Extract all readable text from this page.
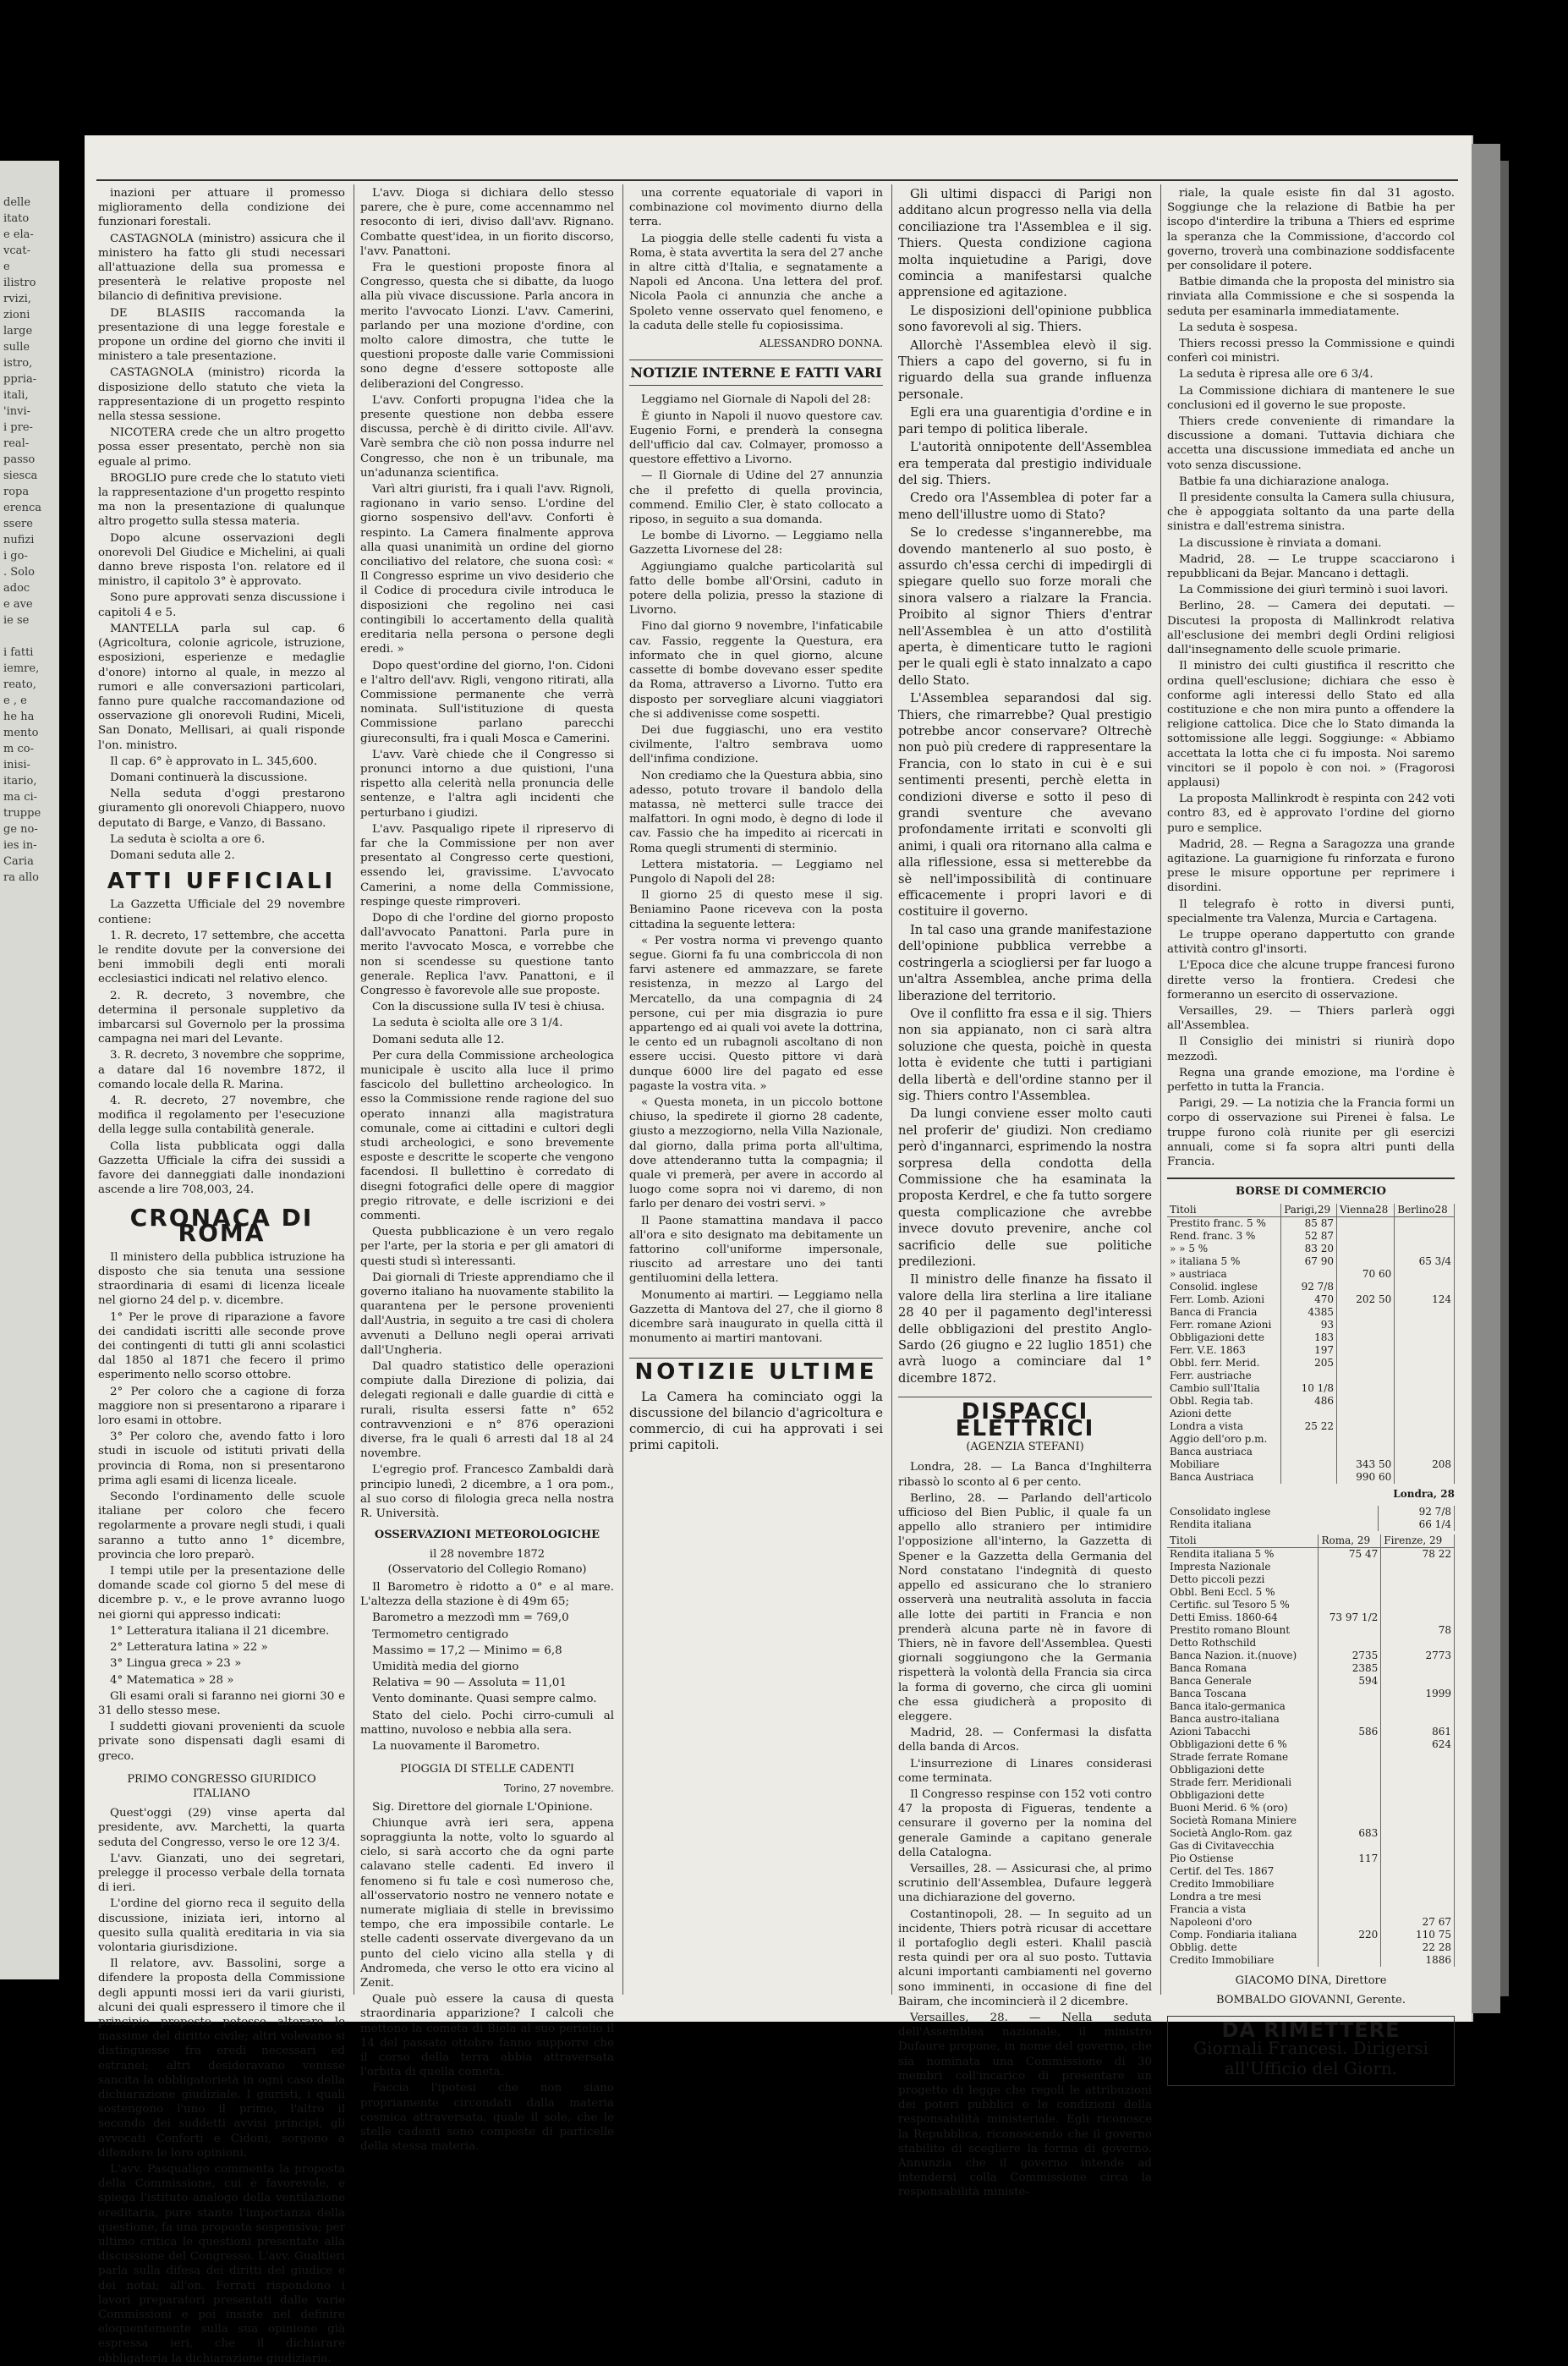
delle
itato
e ela-
vcat-
e
ilistro
rvizi,
zioni
large
sulle
istro,
ppria-
itali,
'invi-
i pre-
real-
passo
siesca
ropa
erenca
ssere
nufizi
i go-
. Solo
adoc
e ave
ie se
i fatti
iemre,
reato,
e , e
he ha
mento
m co-
inisi-
itario,
ma ci-
truppe
ge no-
ies in-
Caria
ra allo

inazioni per attuare il promesso miglioramento della condizione dei funzionari forestali.

CASTAGNOLA (ministro) assicura che il ministero ha fatto gli studi necessari all'attuazione della sua promessa e presenterà le relative proposte nel bilancio di definitiva previsione.

DE BLASIIS raccomanda la presentazione di una legge forestale e propone un ordine del giorno che inviti il ministero a tale presentazione.

CASTAGNOLA (ministro) ricorda la disposizione dello statuto che vieta la rappresentazione di un progetto respinto nella stessa sessione.

NICOTERA crede che un altro progetto possa esser presentato, perchè non sia eguale al primo.

BROGLIO pure crede che lo statuto vieti la rappresentazione d'un progetto respinto ma non la presentazione di qualunque altro progetto sulla stessa materia.

Dopo alcune osservazioni degli onorevoli Del Giudice e Michelini, ai quali danno breve risposta l'on. relatore ed il ministro, il capitolo 3° è approvato.

Sono pure approvati senza discussione i capitoli 4 e 5.

MANTELLA parla sul cap. 6 (Agricoltura, colonie agricole, istruzione, esposizioni, esperienze e medaglie d'onore) intorno al quale, in mezzo al rumori e alle conversazioni particolari, fanno pure qualche raccomandazione od osservazione gli onorevoli Rudini, Miceli, San Donato, Mellisari, ai quali risponde l'on. ministro.

Il cap. 6° è approvato in L. 345,600.

Domani continuerà la discussione.

Nella seduta d'oggi prestarono giuramento gli onorevoli Chiappero, nuovo deputato di Barge, e Vanzo, di Bassano.

La seduta è sciolta a ore 6.

Domani seduta alle 2.

ATTI UFFICIALI

La Gazzetta Ufficiale del 29 novembre contiene:

1. R. decreto, 17 settembre, che accetta le rendite dovute per la conversione dei beni immobili degli enti morali ecclesiastici indicati nel relativo elenco.

2. R. decreto, 3 novembre, che determina il personale suppletivo da imbarcarsi sul Governolo per la prossima campagna nei mari del Levante.

3. R. decreto, 3 novembre che sopprime, a datare dal 16 novembre 1872, il comando locale della R. Marina.

4. R. decreto, 27 novembre, che modifica il regolamento per l'esecuzione della legge sulla contabilità generale.

Colla lista pubblicata oggi dalla Gazzetta Ufficiale la cifra dei sussidi a favore dei danneggiati dalle inondazioni ascende a lire 708,003, 24.

CRONACA DI ROMA

Il ministero della pubblica istruzione ha disposto che sia tenuta una sessione straordinaria di esami di licenza liceale nel giorno 24 del p. v. dicembre.

1° Per le prove di riparazione a favore dei candidati iscritti alle seconde prove dei contingenti di tutti gli anni scolastici dal 1850 al 1871 che fecero il primo esperimento nello scorso ottobre.

2° Per coloro che a cagione di forza maggiore non si presentarono a riparare i loro esami in ottobre.

3° Per coloro che, avendo fatto i loro studi in iscuole od istituti privati della provincia di Roma, non si presentarono prima agli esami di licenza liceale.

Secondo l'ordinamento delle scuole italiane per coloro che fecero regolarmente a provare negli studi, i quali saranno a tutto anno 1° dicembre, provincia che loro preparò.

I tempi utile per la presentazione delle domande scade col giorno 5 del mese di dicembre p. v., e le prove avranno luogo nei giorni qui appresso indicati:

1° Letteratura italiana il 21 dicembre.

2° Letteratura latina » 22 »

3° Lingua greca » 23 »

4° Matematica » 28 »

Gli esami orali si faranno nei giorni 30 e 31 dello stesso mese.

I suddetti giovani provenienti da scuole private sono dispensati dagli esami di greco.

PRIMO CONGRESSO GIURIDICO ITALIANO

Quest'oggi (29) vinse aperta dal presidente, avv. Marchetti, la quarta seduta del Congresso, verso le ore 12 3/4.

L'avv. Gianzati, uno dei segretari, prelegge il processo verbale della tornata di ieri.

L'ordine del giorno reca il seguito della discussione, iniziata ieri, intorno al quesito sulla qualità ereditaria in via sia volontaria giurisdizione.

Il relatore, avv. Bassolini, sorge a difendere la proposta della Commissione degli appunti mossi ieri da varii giuristi, alcuni dei quali espressero il timore che il principio proposto potesse alterare le massime del diritto civile; altri volevano si distinguesse fra eredi necessari ed estranei; altri desideravano venisse sancita la obbligatorietà in ogni caso della dichiarazione giudiziale. I giuristi, i quali sostengono l'uno il primo, l'altro il secondo dei suddetti avvisi principi, gli avvocati Conforti e Cidoni, sorgono a difendere le loro opinioni.

L'avv. Pasqualigo commenta la proposta della Commissione, cui è favorevole, e spiega l'istituto analogo della ventilazione ereditaria, pure stante l'importanza della questione, fa una proposta sospensiva; per ultimo critica le questioni presentate alla discussione del Congresso. L'avv. Gualtieri parla sulla difesa dei diritti del giudice e dei notai; all'on. Ferrati rispondono i lavori preparatori presentati dalle varie Commissioni e poi insiste nel definire eloquentemente sulla sua opinione già espressa ieri, che il dichiarare obbligatoria la dichiarazione giudiziaria.

L'avv. Dioga si dichiara dello stesso parere, che è pure, come accennammo nel resoconto di ieri, diviso dall'avv. Rignano. Combatte quest'idea, in un fiorito discorso, l'avv. Panattoni.

Fra le questioni proposte finora al Congresso, questa che si dibatte, da luogo alla più vivace discussione. Parla ancora in merito l'avvocato Lionzi. L'avv. Camerini, parlando per una mozione d'ordine, con molto calore dimostra, che tutte le questioni proposte dalle varie Commissioni sono degne d'essere sottoposte alle deliberazioni del Congresso.

L'avv. Conforti propugna l'idea che la presente questione non debba essere discussa, perchè è di diritto civile. All'avv. Varè sembra che ciò non possa indurre nel Congresso, che non è un tribunale, ma un'adunanza scientifica.

Varì altri giuristi, fra i quali l'avv. Rignoli, ragionano in vario senso. L'ordine del giorno sospensivo dell'avv. Conforti è respinto. La Camera finalmente approva alla quasi unanimità un ordine del giorno conciliativo del relatore, che suona così: « Il Congresso esprime un vivo desiderio che il Codice di procedura civile introduca le disposizioni che regolino nei casi contingibili lo accertamento della qualità ereditaria nella persona o persone degli eredi. »

Dopo quest'ordine del giorno, l'on. Cidoni e l'altro dell'avv. Rigli, vengono ritirati, alla Commissione permanente che verrà nominata. Sull'istituzione di questa Commissione parlano parecchi giureconsulti, fra i quali Mosca e Camerini.

L'avv. Varè chiede che il Congresso si pronunci intorno a due quistioni, l'una rispetto alla celerità nella pronuncia delle sentenze, e l'altra agli incidenti che perturbano i giudizi.

L'avv. Pasqualigo ripete il ripreservo di far che la Commissione per non aver presentato al Congresso certe questioni, essendo lei, gravissime. L'avvocato Camerini, a nome della Commissione, respinge queste rimproveri.

Dopo di che l'ordine del giorno proposto dall'avvocato Panattoni. Parla pure in merito l'avvocato Mosca, e vorrebbe che non si scendesse su questione tanto generale. Replica l'avv. Panattoni, e il Congresso è favorevole alle sue proposte.

Con la discussione sulla IV tesi è chiusa.

La seduta è sciolta alle ore 3 1/4.

Domani seduta alle 12.

Per cura della Commissione archeologica municipale è uscito alla luce il primo fascicolo del bullettino archeologico. In esso la Commissione rende ragione del suo operato innanzi alla magistratura comunale, come ai cittadini e cultori degli studi archeologici, e sono brevemente esposte e descritte le scoperte che vengono facendosi. Il bullettino è corredato di disegni fotografici delle opere di maggior pregio ritrovate, e delle iscrizioni e dei commenti.

Questa pubblicazione è un vero regalo per l'arte, per la storia e per gli amatori di questi studi sì interessanti.

Dai giornali di Trieste apprendiamo che il governo italiano ha nuovamente stabilito la quarantena per le persone provenienti dall'Austria, in seguito a tre casi di cholera avvenuti a Delluno negli operai arrivati dall'Ungheria.

Dal quadro statistico delle operazioni compiute dalla Direzione di polizia, dai delegati regionali e dalle guardie di città e rurali, risulta essersi fatte n° 652 contravvenzioni e n° 876 operazioni diverse, fra le quali 6 arresti dal 18 al 24 novembre.

L'egregio prof. Francesco Zambaldi darà principio lunedì, 2 dicembre, a 1 ora pom., al suo corso di filologia greca nella nostra R. Università.

OSSERVAZIONI METEOROLOGICHE
il 28 novembre 1872
(Osservatorio del Collegio Romano)

Il Barometro è ridotto a 0° e al mare. L'altezza della stazione è di 49m 65;

Barometro a mezzodì mm = 769,0

Termometro centigrado

Massimo = 17,2 — Minimo = 6,8

Umidità media del giorno

Relativa = 90 — Assoluta = 11,01

Vento dominante. Quasi sempre calmo.

Stato del cielo. Pochi cirro-cumuli al mattino, nuvoloso e nebbia alla sera.

La nuovamente il Barometro.

PIOGGIA DI STELLE CADENTI
Torino, 27 novembre.

Sig. Direttore del giornale L'Opinione.

Chiunque avrà ieri sera, appena sopraggiunta la notte, volto lo sguardo al cielo, si sarà accorto che da ogni parte calavano stelle cadenti. Ed invero il fenomeno si fu tale e così numeroso che, all'osservatorio nostro ne vennero notate e numerate migliaia di stelle in brevissimo tempo, che era impossibile contarle. Le stelle cadenti osservate divergevano da un punto del cielo vicino alla stella γ di Andromeda, che verso le otto era vicino al Zenit.

Quale può essere la causa di questa straordinaria apparizione? I calcoli che mettono la cometa di Biela al suo perielio il 14 del passato ottobre fanno supporre che il corso della terra abbia attraversata l'orbita di quella cometa.

Faccia l'ipotesi che non siano propriamente circondati dalla materia cosmica attraversata, quale il sole, che le stelle cadenti sono composte di particelle della stessa materia.

una corrente equatoriale di vapori in combinazione col movimento diurno della terra.

La pioggia delle stelle cadenti fu vista a Roma, è stata avvertita la sera del 27 anche in altre città d'Italia, e segnatamente a Napoli ed Ancona. Una lettera del prof. Nicola Paola ci annunzia che anche a Spoleto venne osservato quel fenomeno, e la caduta delle stelle fu copiosissima.

ALESSANDRO DONNA.
NOTIZIE INTERNE E FATTI VARI

Leggiamo nel Giornale di Napoli del 28:

È giunto in Napoli il nuovo questore cav. Eugenio Forni, e prenderà la consegna dell'ufficio dal cav. Colmayer, promosso a questore effettivo a Livorno.

— Il Giornale di Udine del 27 annunzia che il prefetto di quella provincia, commend. Emilio Cler, è stato collocato a riposo, in seguito a sua domanda.

Le bombe di Livorno. — Leggiamo nella Gazzetta Livornese del 28:

Aggiungiamo qualche particolarità sul fatto delle bombe all'Orsini, caduto in potere della polizia, presso la stazione di Livorno.

Fino dal giorno 9 novembre, l'infaticabile cav. Fassio, reggente la Questura, era informato che in quel giorno, alcune cassette di bombe dovevano esser spedite da Roma, attraverso a Livorno. Tutto era disposto per sorvegliare alcuni viaggiatori che si addivenisse come sospetti.

Dei due fuggiaschi, uno era vestito civilmente, l'altro sembrava uomo dell'infima condizione.

Non crediamo che la Questura abbia, sino adesso, potuto trovare il bandolo della matassa, nè metterci sulle tracce dei malfattori. In ogni modo, è degno di lode il cav. Fassio che ha impedito ai ricercati in Roma quegli strumenti di sterminio.

Lettera mistatoria. — Leggiamo nel Pungolo di Napoli del 28:

Il giorno 25 di questo mese il sig. Beniamino Paone riceveva con la posta cittadina la seguente lettera:

« Per vostra norma vi prevengo quanto segue. Giorni fa fu una combriccola di non farvi astenere ed ammazzare, se farete resistenza, in mezzo al Largo del Mercatello, da una compagnia di 24 persone, cui per mia disgrazia io pure appartengo ed ai quali voi avete la dottrina, le cento ed un rubagnoli ascoltano di non essere uccisi. Questo pittore vi darà dunque 6000 lire del pagato ed esse pagaste la vostra vita. »

« Questa moneta, in un piccolo bottone chiuso, la spedirete il giorno 28 cadente, giusto a mezzogiorno, nella Villa Nazionale, dal giorno, dalla prima porta all'ultima, dove attenderanno tutta la compagnia; il quale vi premerà, per avere in accordo al luogo come sopra noi vi daremo, di non farlo per denaro dei vostri servi. »

Il Paone stamattina mandava il pacco all'ora e sito designato ma debitamente un fattorino coll'uniforme impersonale, riuscito ad arrestare uno dei tanti gentiluomini della lettera.

Monumento ai martiri. — Leggiamo nella Gazzetta di Mantova del 27, che il giorno 8 dicembre sarà inaugurato in quella città il monumento ai martiri mantovani.

NOTIZIE ULTIME

La Camera ha cominciato oggi la discussione del bilancio d'agricoltura e commercio, di cui ha approvati i sei primi capitoli.

Gli ultimi dispacci di Parigi non additano alcun progresso nella via della conciliazione tra l'Assemblea e il sig. Thiers. Questa condizione cagiona molta inquietudine a Parigi, dove comincia a manifestarsi qualche apprensione ed agitazione.

Le disposizioni dell'opinione pubblica sono favorevoli al sig. Thiers.

Allorchè l'Assemblea elevò il sig. Thiers a capo del governo, si fu in riguardo della sua grande influenza personale.

Egli era una guarentigia d'ordine e in pari tempo di politica liberale.

L'autorità onnipotente dell'Assemblea era temperata dal prestigio individuale del sig. Thiers.

Credo ora l'Assemblea di poter far a meno dell'illustre uomo di Stato?

Se lo credesse s'ingannerebbe, ma dovendo mantenerlo al suo posto, è assurdo ch'essa cerchi di impedirgli di spiegare quello suo forze morali che sinora valsero a rialzare la Francia. Proibito al signor Thiers d'entrar nell'Assemblea è un atto d'ostilità aperta, è dimenticare tutto le ragioni per le quali egli è stato innalzato a capo dello Stato.

L'Assemblea separandosi dal sig. Thiers, che rimarrebbe? Qual prestigio potrebbe ancor conservare? Oltrechè non può più credere di rappresentare la Francia, con lo stato in cui è e sui sentimenti presenti, perchè eletta in condizioni diverse e sotto il peso di grandi sventure che avevano profondamente irritati e sconvolti gli animi, i quali ora ritornano alla calma e alla riflessione, essa si metterebbe da sè nell'impossibilità di continuare efficacemente i propri lavori e di costituire il governo.

In tal caso una grande manifestazione dell'opinione pubblica verrebbe a costringerla a sciogliersi per far luogo a un'altra Assemblea, anche prima della liberazione del territorio.

Ove il conflitto fra essa e il sig. Thiers non sia appianato, non ci sarà altra soluzione che questa, poichè in questa lotta è evidente che tutti i partigiani della libertà e dell'ordine stanno per il sig. Thiers contro l'Assemblea.

Da lungi conviene esser molto cauti nel proferir de' giudizi. Non crediamo però d'ingannarci, esprimendo la nostra sorpresa della condotta della Commissione che ha esaminata la proposta Kerdrel, e che fa tutto sorgere questa complicazione che avrebbe invece dovuto prevenire, anche col sacrificio delle sue politiche predilezioni.

Il ministro delle finanze ha fissato il valore della lira sterlina a lire italiane 28 40 per il pagamento degl'interessi delle obbligazioni del prestito Anglo-Sardo (26 giugno e 22 luglio 1851) che avrà luogo a cominciare dal 1° dicembre 1872.

DISPACCI ELETTRICI
(AGENZIA STEFANI)

Londra, 28. — La Banca d'Inghilterra ribassò lo sconto al 6 per cento.

Berlino, 28. — Parlando dell'articolo ufficioso del Bien Public, il quale fa un appello allo straniero per intimidire l'opposizione all'interno, la Gazzetta di Spener e la Gazzetta della Germania del Nord constatano l'indegnità di questo appello ed assicurano che lo straniero osserverà una neutralità assoluta in faccia alle lotte dei partiti in Francia e non prenderà alcuna parte nè in favore di Thiers, nè in favore dell'Assemblea. Questi giornali soggiungono che la Germania rispetterà la volontà della Francia sia circa la forma di governo, che circa gli uomini che essa giudicherà a proposito di eleggere.

Madrid, 28. — Confermasi la disfatta della banda di Arcos.

L'insurrezione di Linares considerasi come terminata.

Il Congresso respinse con 152 voti contro 47 la proposta di Figueras, tendente a censurare il governo per la nomina del generale Gaminde a capitano generale della Catalogna.

Versailles, 28. — Assicurasi che, al primo scrutinio dell'Assemblea, Dufaure leggerà una dichiarazione del governo.

Costantinopoli, 28. — In seguito ad un incidente, Thiers potrà ricusar di accettare il portafoglio degli esteri. Khalil pascià resta quindi per ora al suo posto. Tuttavia alcuni importanti cambiamenti nel governo sono imminenti, in occasione di fine del Bairam, che incomincierà il 2 dicembre.

Versailles, 28. — Nella seduta dell'Assemblea nazionale, il ministro Dufaure propone, in nome del governo, che sia nominata una Commissione di 30 membri coll'incarico di presentare un progetto di legge che regoli le attribuzioni dei poteri pubblici e le condizioni della responsabilità ministeriale. Egli riconosce la Repubblica, riconoscendo che il governo stabilito di scegliere la forma di governo. Annunzia che il governo intende ad intendersi colla Commissione circa la responsabilità ministe-

riale, la quale esiste fin dal 31 agosto. Soggiunge che la relazione di Batbie ha per iscopo d'interdire la tribuna a Thiers ed esprime la speranza che la Commissione, d'accordo col governo, troverà una combinazione soddisfacente per consolidare il potere.

Batbie dimanda che la proposta del ministro sia rinviata alla Commissione e che si sospenda la seduta per esaminarla immediatamente.

La seduta è sospesa.

Thiers recossi presso la Commissione e quindi conferì coi ministri.

La seduta è ripresa alle ore 6 3/4.

La Commissione dichiara di mantenere le sue conclusioni ed il governo le sue proposte.

Thiers crede conveniente di rimandare la discussione a domani. Tuttavia dichiara che accetta una discussione immediata ed anche un voto senza discussione.

Batbie fa una dichiarazione analoga.

Il presidente consulta la Camera sulla chiusura, che è appoggiata soltanto da una parte della sinistra e dall'estrema sinistra.

La discussione è rinviata a domani.

Madrid, 28. — Le truppe scacciarono i repubblicani da Bejar. Mancano i dettagli.

La Commissione dei giurì terminò i suoi lavori.

Berlino, 28. — Camera dei deputati. — Discutesi la proposta di Mallinkrodt relativa all'esclusione dei membri degli Ordini religiosi dall'insegnamento delle scuole primarie.

Il ministro dei culti giustifica il rescritto che ordina quell'esclusione; dichiara che esso è conforme agli interessi dello Stato ed alla costituzione e che non mira punto a offendere la religione cattolica. Dice che lo Stato dimanda la sottomissione alle leggi. Soggiunge: « Abbiamo accettata la lotta che ci fu imposta. Noi saremo vincitori se il popolo è con noi. » (Fragorosi applausi)

La proposta Mallinkrodt è respinta con 242 voti contro 83, ed è approvato l'ordine del giorno puro e semplice.

Madrid, 28. — Regna a Saragozza una grande agitazione. La guarnigione fu rinforzata e furono prese le misure opportune per reprimere i disordini.

Il telegrafo è rotto in diversi punti, specialmente tra Valenza, Murcia e Cartagena.

Le truppe operano dappertutto con grande attività contro gl'insorti.

L'Epoca dice che alcune truppe francesi furono dirette verso la frontiera. Credesi che formeranno un esercito di osservazione.

Versailles, 29. — Thiers parlerà oggi all'Assemblea.

Il Consiglio dei ministri si riunirà dopo mezzodì.

Regna una grande emozione, ma l'ordine è perfetto in tutta la Francia.

Parigi, 29. — La notizia che la Francia formi un corpo di osservazione sui Pirenei è falsa. Le truppe furono colà riunite per gli esercizi annuali, come si fa sopra altri punti della Francia.

BORSE DI COMMERCIO
Titoli	Parigi,29	Vienna28	Berlino28
Prestito franc. 5 %	85 87		
Rend. franc. 3 %	52 87		
» » 5 %	83 20		
» italiana 5 %	67 90		65 3/4
» austriaca		70 60	
Consolid. inglese	92 7/8		
Ferr. Lomb. Azioni	470	202 50	124
Banca di Francia	4385		
Ferr. romane Azioni	93		
Obbligazioni dette	183		
Ferr. V.E. 1863	197		
Obbl. ferr. Merid.	205		
Ferr. austriache			
Cambio sull'Italia	10 1/8		
Obbl. Regia tab.	486		
Azioni dette			
Londra a vista	25 22		
Aggio dell'oro p.m.			
Banca austriaca			
Mobiliare		343 50	208
Banca Austriaca		990 60	
Londra, 28
Consolidato inglese	92 7/8
Rendita italiana	66 1/4
Titoli	Roma, 29	Firenze, 29
Rendita italiana 5 %	75 47	78 22
Impresta Nazionale		
Detto piccoli pezzi		
Obbl. Beni Eccl. 5 %		
Certific. sul Tesoro 5 %		
Detti Emiss. 1860-64	73 97 1/2	
Prestito romano Blount		78
Detto Rothschild		
Banca Nazion. it.(nuove)	2735	2773
Banca Romana	2385	
Banca Generale	594	
Banca Toscana		1999
Banca italo-germanica		
Banca austro-italiana		
Azioni Tabacchi	586	861
Obbligazioni dette 6 %		624
Strade ferrate Romane		
Obbligazioni dette		
Strade ferr. Meridionali		
Obbligazioni dette		
Buoni Merid. 6 % (oro)		
Società Romana Miniere		
Società Anglo-Rom. gaz	683	
Gas di Civitavecchia		
Pio Ostiense	117	
Certif. del Tes. 1867		
Credito Immobiliare		
Londra a tre mesi		
Francia a vista		
Napoleoni d'oro		27 67
Comp. Fondiaria italiana	220	110 75
Obblig. dette		22 28
Credito Immobiliare		1886
GIACOMO DINA, Direttore
BOMBALDO GIOVANNI, Gerente.
DA RIMETTERE
Giornali Francesi. Dirigersi all'Ufficio del Giorn.
